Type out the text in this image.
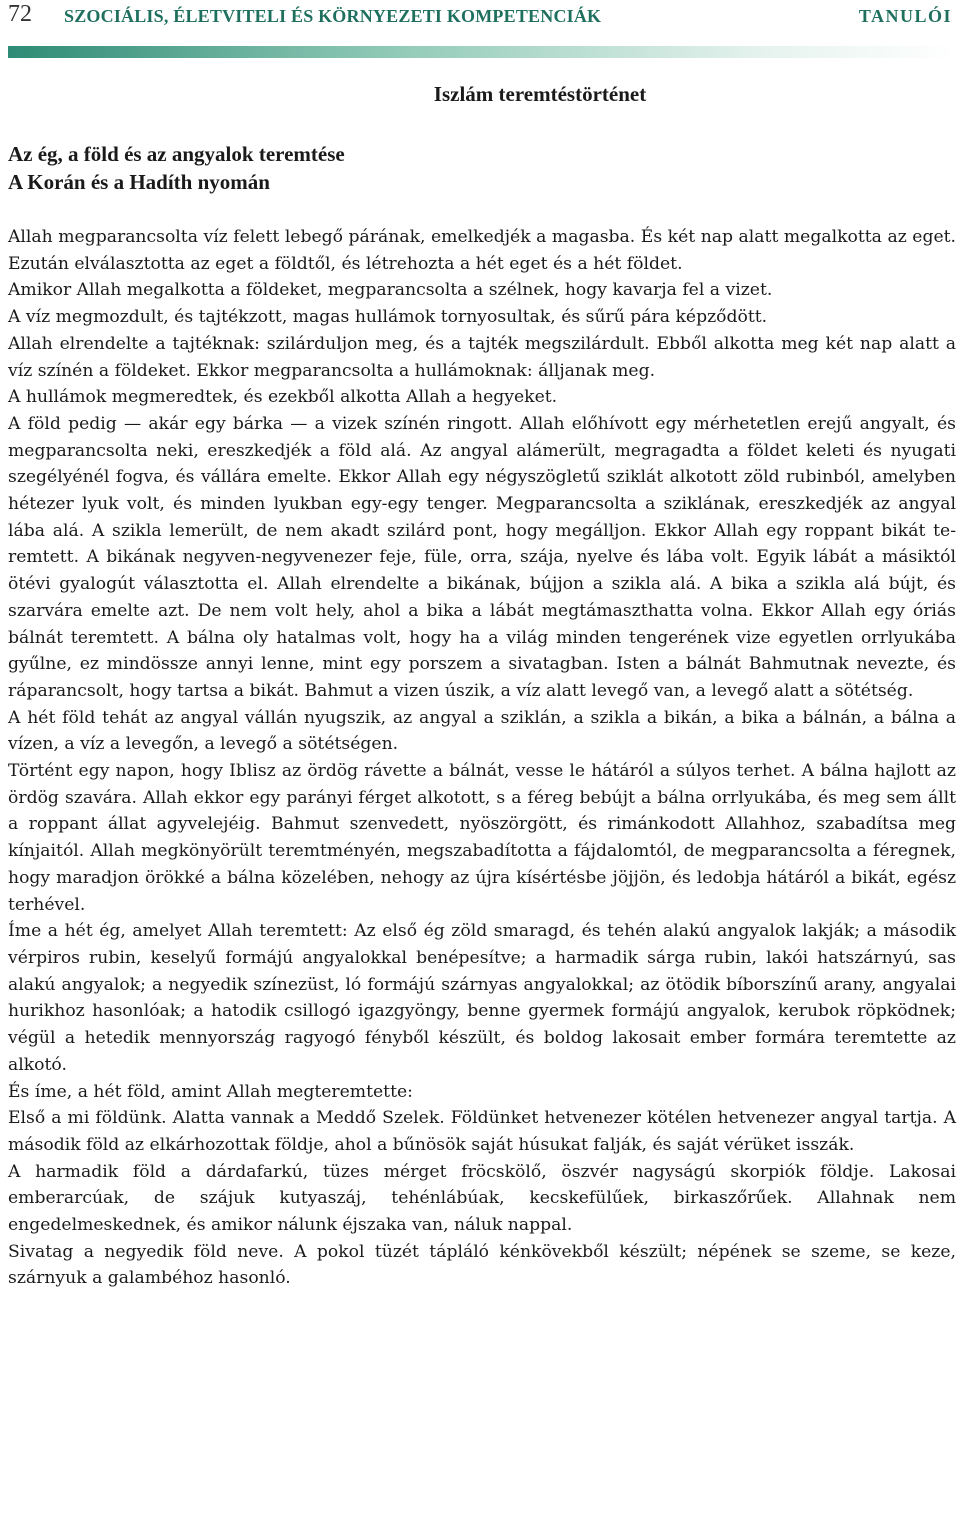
72 SZOCIÁLIS, ÉLETVITELI ÉS KÖRNYEZETI KOMPETENCIÁK	TANULÓI
Iszlám teremtéstörténet
Az ég, a föld és az angyalok teremtése
A Korán és a Hadíth nyomán

Allah megparancsolta víz felett lebegő párának, emelkedjék a magasba. És két nap alatt megalkotta az eget. Ezután elválasztotta az eget a földtől, és létrehozta a hét eget és a hét földet.

Amikor Allah megalkotta a földeket, megparancsolta a szélnek, hogy kavarja fel a vizet.

A víz megmozdult, és tajtékzott, magas hullámok tornyosultak, és sűrű pára képződött.

Allah elrendelte a tajtéknak: szilárduljon meg, és a tajték megszilárdult. Ebből alkotta meg két nap alatt a víz színén a földeket. Ekkor megparancsolta a hullámoknak: álljanak meg.

A hullámok megmeredtek, és ezekből alkotta Allah a hegyeket.

A föld pedig — akár egy bárka — a vizek színén ringott. Allah előhívott egy mérhetetlen erejű angyalt, és megparancsolta neki, ereszkedjék a föld alá. Az angyal alámerült, megragadta a földet keleti és nyugati szegélyénél fogva, és vállára emelte. Ekkor Allah egy négyszögletű sziklát alkotott zöld rubinból, amelyben hétezer lyuk volt, és minden lyukban egy-egy tenger. Megparancsolta a sziklának, ereszkedjék az angyal lába alá. A szikla lemerült, de nem akadt szilárd pont, hogy megálljon. Ekkor Allah egy roppant bikát teremtett. A bikának negyven-negyvenezer feje, füle, orra, szája, nyelve és lába volt. Egyik lábát a másiktól ötévi gyalogút választotta el. Allah elrendelte a bikának, bújjon a szikla alá. A bika a szikla alá bújt, és szarvára emelte azt. De nem volt hely, ahol a bika a lábát megtámaszthatta volna. Ekkor Allah egy óriás bálnát teremtett. A bálna oly hatalmas volt, hogy ha a világ minden tengerének vize egyetlen orrlyukába gyűlne, ez mindössze annyi lenne, mint egy porszem a sivatagban. Isten a bálnát Bahmutnak nevezte, és ráparancsolt, hogy tartsa a bikát. Bahmut a vizen úszik, a víz alatt levegő van, a levegő alatt a sötétség.

A hét föld tehát az angyal vállán nyugszik, az angyal a sziklán, a szikla a bikán, a bika a bálnán, a bálna a vízen, a víz a levegőn, a levegő a sötétségen.

Történt egy napon, hogy Iblisz az ördög rávette a bálnát, vesse le hátáról a súlyos terhet. A bálna hajlott az ördög szavára. Allah ekkor egy parányi férget alkotott, s a féreg bebújt a bálna orrlyukába, és meg sem állt a roppant állat agyvelejéig. Bahmut szenvedett, nyöszörgött, és rimánkodott Allahhoz, szabadítsa meg kínjaitól. Allah megkönyörült teremtményén, megszabadította a fájdalomtól, de megparancsolta a féregnek, hogy maradjon örökké a bálna közelében, nehogy az újra kísértésbe jöjjön, és ledobja hátáról a bikát, egész terhével.

Íme a hét ég, amelyet Allah teremtett: Az első ég zöld smaragd, és tehén alakú angyalok lakják; a második vérpiros rubin, keselyű formájú angyalokkal benépesítve; a harmadik sárga rubin, lakói hatszárnyú, sas alakú angyalok; a negyedik színezüst, ló formájú szárnyas angyalokkal; az ötödik bíborszínű arany, angyalai hurikhoz hasonlóak; a hatodik csillogó igazgyöngy, benne gyermek formájú angyalok, kerubok röpködnek; végül a hetedik mennyország ragyogó fényből készült, és boldog lakosait ember formára teremtette az alkotó.

És íme, a hét föld, amint Allah megteremtette:

Első a mi földünk. Alatta vannak a Meddő Szelek. Földünket hetvenezer kötélen hetvenezer angyal tartja. A második föld az elkárhozottak földje, ahol a bűnösök saját húsukat falják, és saját vérüket isszák.

A harmadik föld a dárdafarkú, tüzes mérget fröcskölő, öszvér nagyságú skorpiók földje. Lakosai emberarcúak, de szájuk kutyaszáj, tehénlábúak, kecskefülűek, birkaszőrűek. Allahnak nem engedelmeskednek, és amikor nálunk éjszaka van, náluk nappal.

Sivatag a negyedik föld neve. A pokol tüzét tápláló kénkövekből készült; népének se szeme, se keze, szárnyuk a galambéhoz hasonló.
